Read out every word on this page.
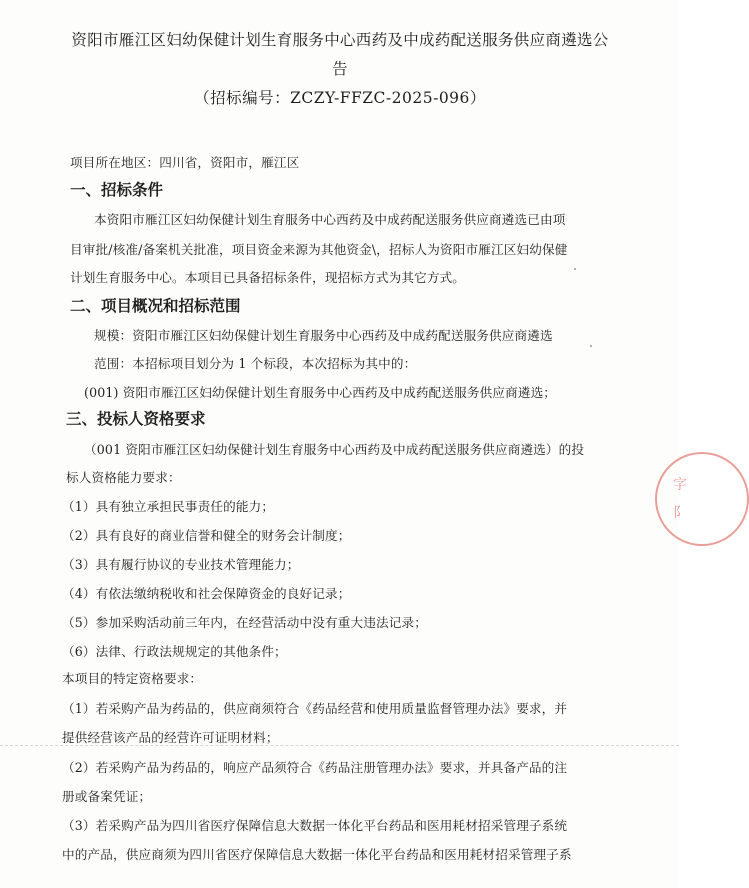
资阳市雁江区妇幼保健计划生育服务中心西药及中成药配送服务供应商遴选公
告
（招标编号：ZCZY-FFZC-2025-096）
项目所在地区：四川省，资阳市，雁江区
一、招标条件
本资阳市雁江区妇幼保健计划生育服务中心西药及中成药配送服务供应商遴选已由项
目审批/核准/备案机关批准，项目资金来源为其他资金\，招标人为资阳市雁江区妇幼保健
计划生育服务中心。本项目已具备招标条件，现招标方式为其它方式。
二、项目概况和招标范围
规模：资阳市雁江区妇幼保健计划生育服务中心西药及中成药配送服务供应商遴选
范围：本招标项目划分为 1 个标段，本次招标为其中的：
(001) 资阳市雁江区妇幼保健计划生育服务中心西药及中成药配送服务供应商遴选；
三、投标人资格要求
（001 资阳市雁江区妇幼保健计划生育服务中心西药及中成药配送服务供应商遴选）的投
标人资格能力要求：
（1）具有独立承担民事责任的能力；
（2）具有良好的商业信誉和健全的财务会计制度；
（3）具有履行协议的专业技术管理能力；
（4）有依法缴纳税收和社会保障资金的良好记录；
（5）参加采购活动前三年内，在经营活动中没有重大违法记录；
（6）法律、行政法规规定的其他条件；
本项目的特定资格要求：
（1）若采购产品为药品的，供应商须符合《药品经营和使用质量监督管理办法》要求，并
提供经营该产品的经营许可证明材料；
（2）若采购产品为药品的，响应产品须符合《药品注册管理办法》要求，并具备产品的注
册或备案凭证；
（3）若采购产品为四川省医疗保障信息大数据一体化平台药品和医用耗材招采管理子系统
中的产品，供应商须为四川省医疗保障信息大数据一体化平台药品和医用耗材招采管理子系
字
阝
